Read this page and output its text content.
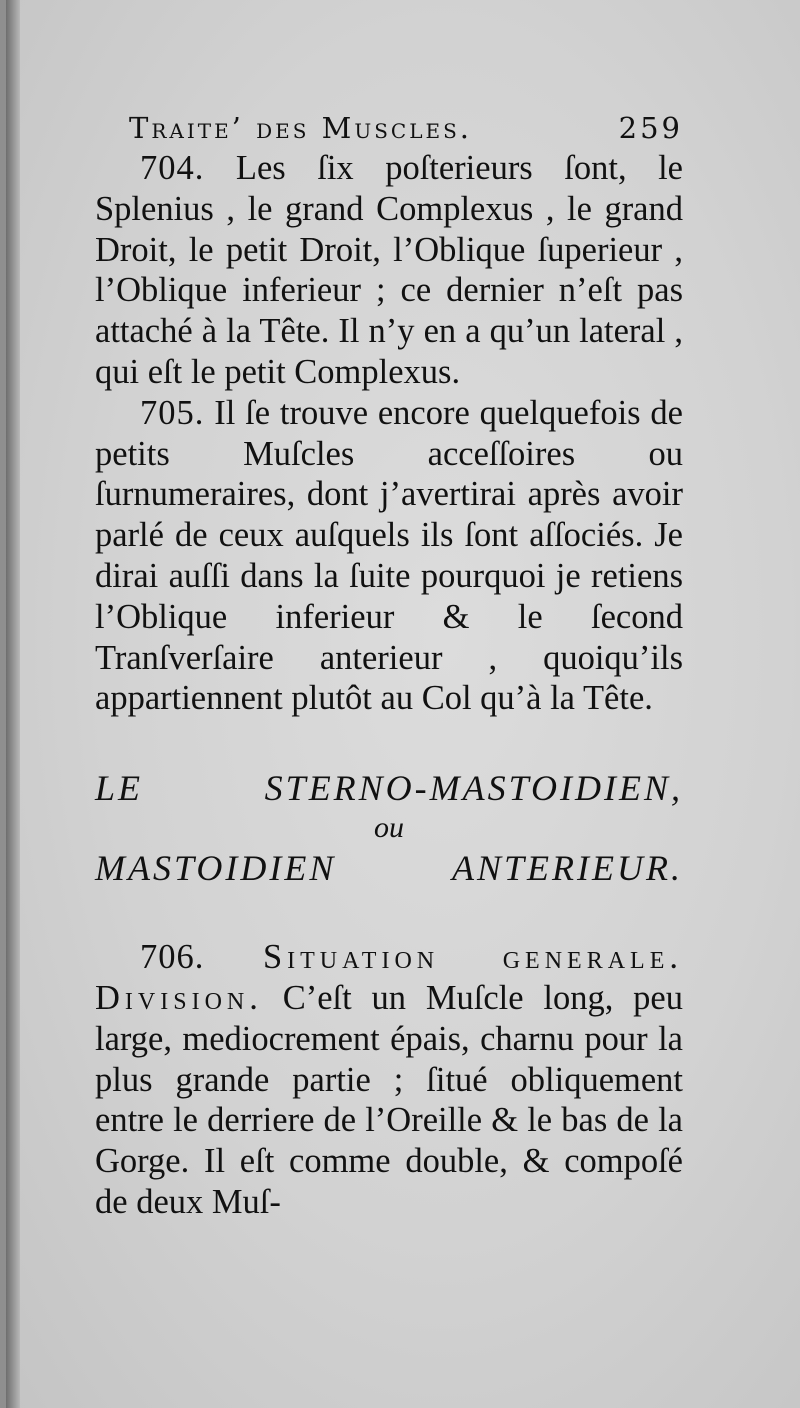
Traite’ des Muscles.	259

704. Les ſix poſterieurs ſont, le Splenius , le grand Complexus , le grand Droit, le petit Droit, l’Oblique ſuperieur , l’Oblique inferieur ; ce dernier n’eſt pas attaché à la Tête. Il n’y en a qu’un lateral , qui eſt le petit Complexus.

705. Il ſe trouve encore quelquefois de petits Muſcles acceſſoires ou ſurnumeraires, dont j’avertirai après avoir parlé de ceux auſquels ils ſont aſſociés. Je dirai auſſi dans la ſuite pourquoi je retiens l’Oblique inferieur & le ſecond Tranſverſaire anterieur , quoiqu’ils appartiennent plutôt au Col qu’à la Tête.

LE STERNO-MASTOIDIEN,
ou
MASTOIDIEN ANTERIEUR.

706. Situation generale. Division. C’eſt un Muſcle long, peu large, mediocrement épais, charnu pour la plus grande partie ; ſitué obliquement entre le derriere de l’Oreille & le bas de la Gorge. Il eſt comme double, & compoſé de deux Muſ-
